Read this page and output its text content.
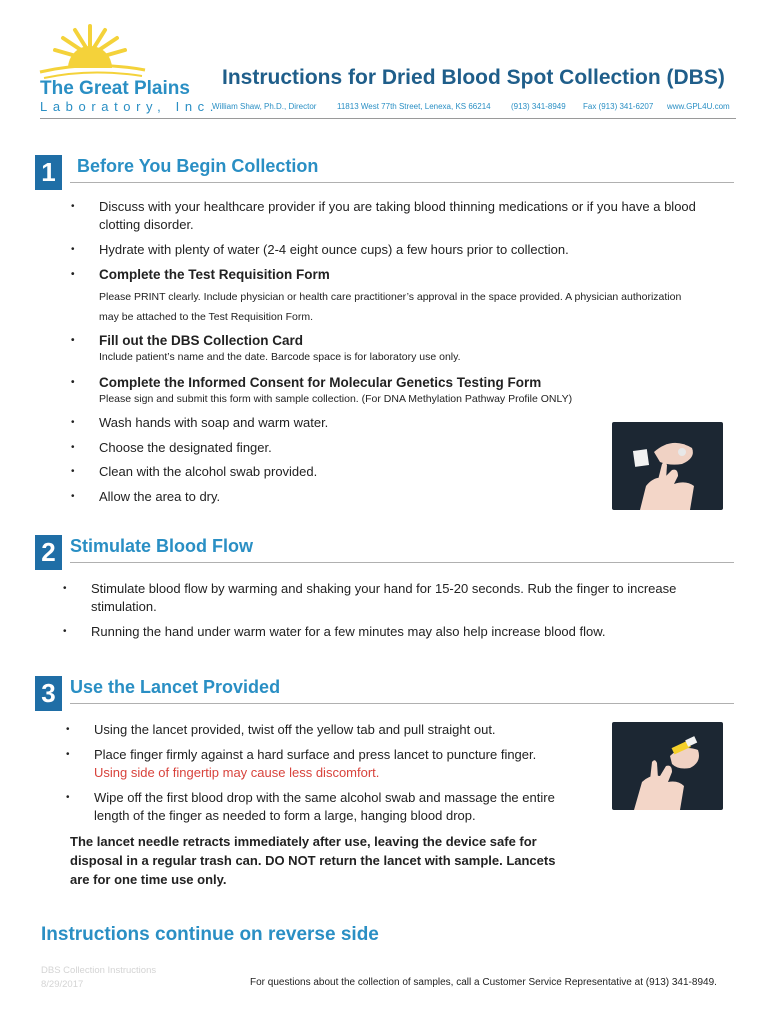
The Great Plains
Laboratory, Inc.
Instructions for Dried Blood Spot Collection (DBS)
William Shaw, Ph.D., Director	11813 West 77th Street, Lenexa, KS 66214	(913) 341-8949 Fax (913) 341-6207 www.GPL4U.com
1	Before You Begin Collection
• Discuss with your healthcare provider if you are taking blood thinning medications or if you have a blood clotting disorder.
• Hydrate with plenty of water (2-4 eight ounce cups) a few hours prior to collection.
• Complete the Test Requisition Form
Please PRINT clearly. Include physician or health care practitioner’s approval in the space provided. A physician authorization may be attached to the Test Requisition Form.
• Fill out the DBS Collection Card
Include patient’s name and the date. Barcode space is for laboratory use only.
• Complete the Informed Consent for Molecular Genetics Testing Form
Please sign and submit this form with sample collection. (For DNA Methylation Pathway Profile ONLY)
• Wash hands with soap and warm water.
• Choose the designated finger.
• Clean with the alcohol swab provided.
• Allow the area to dry.
2 Stimulate Blood Flow
• Stimulate blood flow by warming and shaking your hand for 15-20 seconds. Rub the finger to increase stimulation.
• Running the hand under warm water for a few minutes may also help increase blood flow.
3 Use the Lancet Provided
• Using the lancet provided, twist off the yellow tab and pull straight out.
• Place finger firmly against a hard surface and press lancet to puncture finger.
Using side of fingertip may cause less discomfort.
• Wipe off the first blood drop with the same alcohol swab and massage the entire length of the finger as needed to form a large, hanging blood drop.
The lancet needle retracts immediately after use, leaving the device safe for disposal in a regular trash can. DO NOT return the lancet with sample. Lancets are for one time use only.
Instructions continue on reverse side
DBS Collection Instructions
8/29/2017	For questions about the collection of samples, call a Customer Service Representative at (913) 341-8949.
